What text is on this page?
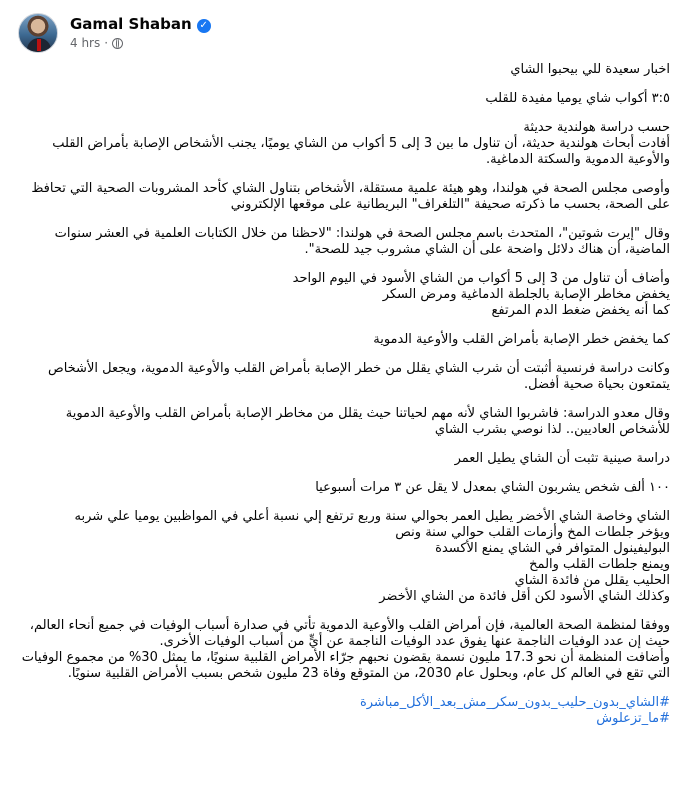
Gamal Shaban ✓
4 hrs ·
اخبار سعيدة للي بيحبوا الشاي
٣:٥ أكواب شاي يوميا مفيدة للقلب
حسب دراسة هولندية حديثة
أفادت أبحاث هولندية حديثة، أن تناول ما بين 3 إلى 5 أكواب من الشاي يوميًا، يجنب الأشخاص الإصابة بأمراض القلب والأوعية الدموية والسكتة الدماغية.
وأوصى مجلس الصحة في هولندا، وهو هيئة علمية مستقلة، الأشخاص بتناول الشاي كأحد المشروبات الصحية التي تحافظ على الصحة، بحسب ما ذكرته صحيفة "التلغراف" البريطانية على موقعها الإلكتروني
وقال "إيرت شوتين"، المتحدث باسم مجلس الصحة في هولندا: "لاحظنا من خلال الكتابات العلمية في العشر سنوات الماضية، أن هناك دلائل واضحة على أن الشاي مشروب جيد للصحة".
وأضاف أن تناول من 3 إلى 5 أكواب من الشاي الأسود في اليوم الواحد
يخفض مخاطر الإصابة بالجلطة الدماغية ومرض السكر
كما أنه يخفض ضغط الدم المرتفع
كما يخفض خطر الإصابة بأمراض القلب والأوعية الدموية
وكانت دراسة فرنسية أثبتت أن شرب الشاي يقلل من خطر الإصابة بأمراض القلب والأوعية الدموية، ويجعل الأشخاص يتمتعون بحياة صحية أفضل.
وقال معدو الدراسة: فاشربوا الشاي لأنه مهم لحياتنا حيث يقلل من مخاطر الإصابة بأمراض القلب والأوعية الدموية للأشخاص العاديين.. لذا نوصي بشرب الشاي
دراسة صينية تثبت أن الشاي يطيل العمر
١٠٠ ألف شخص يشربون الشاي بمعدل لا يقل عن ٣ مرات أسبوعيا
الشاي وخاصة الشاي الأخضر يطيل العمر بحوالي سنة وربع ترتفع إلي نسبة أعلي في المواظبين يوميا علي شربه
ويؤخر جلطات المخ وأزمات القلب حوالي سنة ونص
البوليفينول المتوافر في الشاي يمنع الأكسدة
ويمنع جلطات القلب والمخ
الحليب يقلل من فائدة الشاي
وكذلك الشاي الأسود لكن أقل فائدة من الشاي الأخضر
ووفقا لمنظمة الصحة العالمية، فإن أمراض القلب والأوعية الدموية تأتي في صدارة أسباب الوفيات في جميع أنحاء العالم، حيث إن عدد الوفيات الناجمة عنها يفوق عدد الوفيات الناجمة عن أيٍّ من أسباب الوفيات الأخرى.
وأضافت المنظمة أن نحو 17.3 مليون نسمة يقضون نحبهم جرّاء الأمراض القلبية سنويًا، ما يمثل 30% من مجموع الوفيات التي تقع في العالم كل عام، وبحلول عام 2030، من المتوقع وفاة 23 مليون شخص بسبب الأمراض القلبية سنويًا.
#الشاي_بدون_حليب_بدون_سكر_مش_بعد_الأكل_مباشرة
#ما_تزعلوش
